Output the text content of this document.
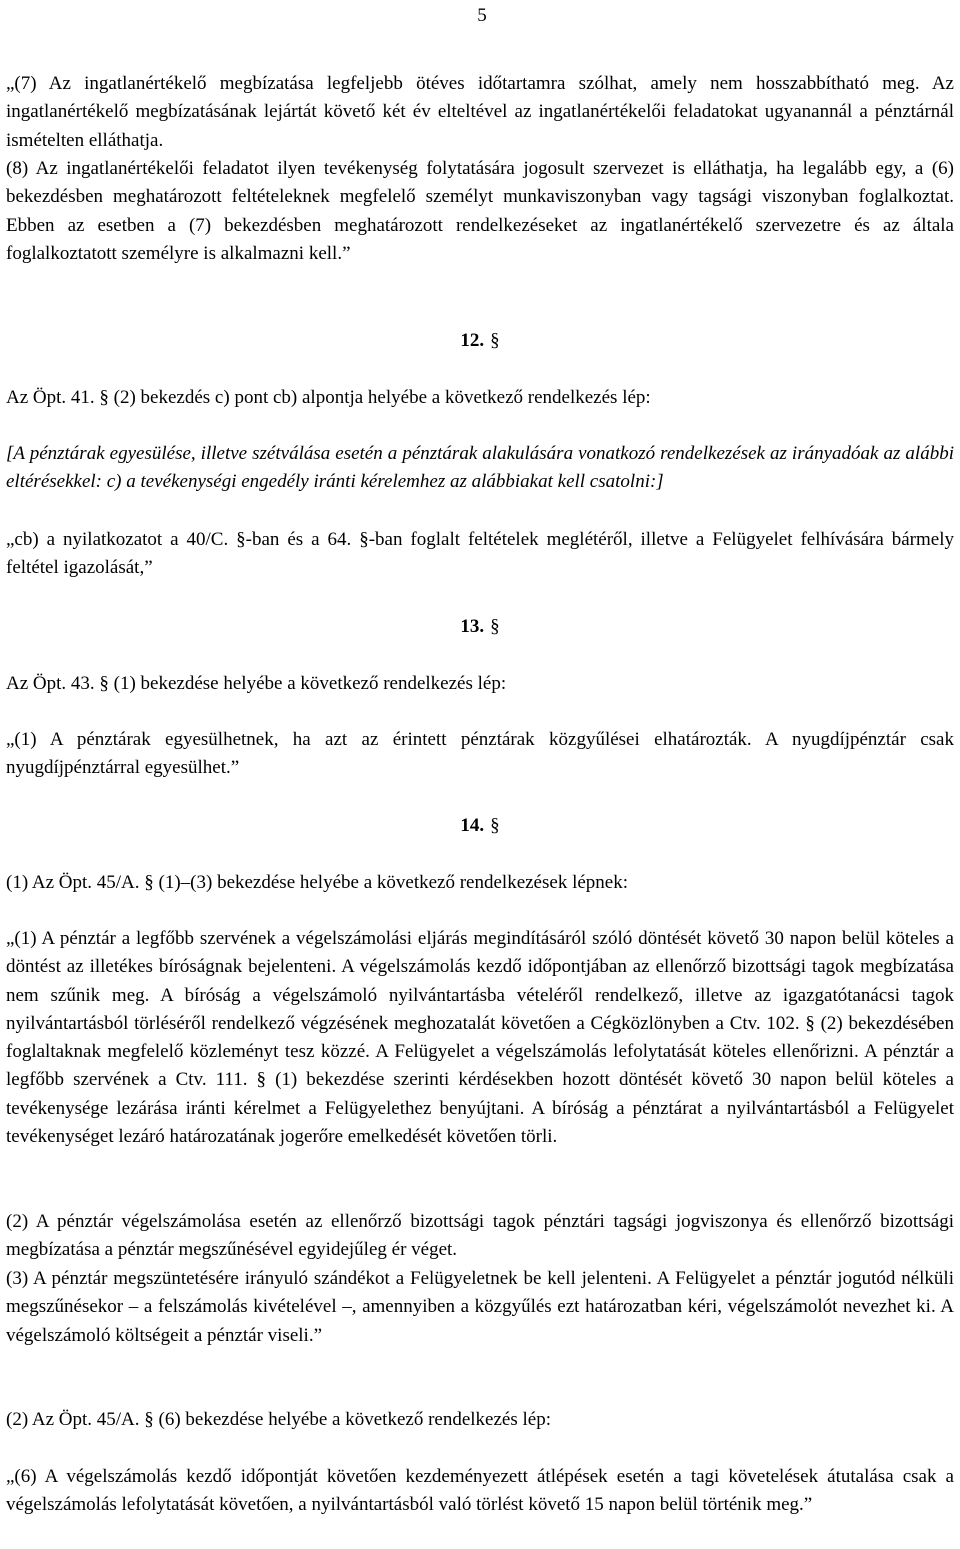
5

„(7) Az ingatlanértékelő megbízatása legfeljebb ötéves időtartamra szólhat, amely nem hosszabbítható meg. Az ingatlanértékelő megbízatásának lejártát követő két év elteltével az ingatlanértékelői feladatokat ugyanannál a pénztárnál ismételten elláthatja.

(8) Az ingatlanértékelői feladatot ilyen tevékenység folytatására jogosult szervezet is elláthatja, ha legalább egy, a (6) bekezdésben meghatározott feltételeknek megfelelő személyt munkaviszonyban vagy tagsági viszonyban foglalkoztat. Ebben az esetben a (7) bekezdésben meghatározott rendelkezéseket az ingatlanértékelő szervezetre és az általa foglalkoztatott személyre is alkalmazni kell.”

12. §

Az Öpt. 41. § (2) bekezdés c) pont cb) alpontja helyébe a következő rendelkezés lép:

[A pénztárak egyesülése, illetve szétválása esetén a pénztárak alakulására vonatkozó rendelkezések az irányadóak az alábbi eltérésekkel: c) a tevékenységi engedély iránti kérelemhez az alábbiakat kell csatolni:]

„cb) a nyilatkozatot a 40/C. §-ban és a 64. §-ban foglalt feltételek meglétéről, illetve a Felügyelet felhívására bármely feltétel igazolását,”

13. §

Az Öpt. 43. § (1) bekezdése helyébe a következő rendelkezés lép:

„(1) A pénztárak egyesülhetnek, ha azt az érintett pénztárak közgyűlései elhatározták. A nyugdíjpénztár csak nyugdíjpénztárral egyesülhet.”

14. §

(1) Az Öpt. 45/A. § (1)–(3) bekezdése helyébe a következő rendelkezések lépnek:

„(1) A pénztár a legfőbb szervének a végelszámolási eljárás megindításáról szóló döntését követő 30 napon belül köteles a döntést az illetékes bíróságnak bejelenteni. A végelszámolás kezdő időpontjában az ellenőrző bizottsági tagok megbízatása nem szűnik meg. A bíróság a végelszámoló nyilvántartásba vételéről rendelkező, illetve az igazgatótanácsi tagok nyilvántartásból törléséről rendelkező végzésének meghozatalát követően a Cégközlönyben a Ctv. 102. § (2) bekezdésében foglaltaknak megfelelő közleményt tesz közzé. A Felügyelet a végelszámolás lefolytatását köteles ellenőrizni. A pénztár a legfőbb szervének a Ctv. 111. § (1) bekezdése szerinti kérdésekben hozott döntését követő 30 napon belül köteles a tevékenysége lezárása iránti kérelmet a Felügyelethez benyújtani. A bíróság a pénztárat a nyilvántartásból a Felügyelet tevékenységet lezáró határozatának jogerőre emelkedését követően törli.

(2) A pénztár végelszámolása esetén az ellenőrző bizottsági tagok pénztári tagsági jogviszonya és ellenőrző bizottsági megbízatása a pénztár megszűnésével egyidejűleg ér véget.

(3) A pénztár megszüntetésére irányuló szándékot a Felügyeletnek be kell jelenteni. A Felügyelet a pénztár jogutód nélküli megszűnésekor – a felszámolás kivételével –, amennyiben a közgyűlés ezt határozatban kéri, végelszámolót nevezhet ki. A végelszámoló költségeit a pénztár viseli.”

(2) Az Öpt. 45/A. § (6) bekezdése helyébe a következő rendelkezés lép:

„(6) A végelszámolás kezdő időpontját követően kezdeményezett átlépések esetén a tagi követelések átutalása csak a végelszámolás lefolytatását követően, a nyilvántartásból való törlést követő 15 napon belül történik meg.”
